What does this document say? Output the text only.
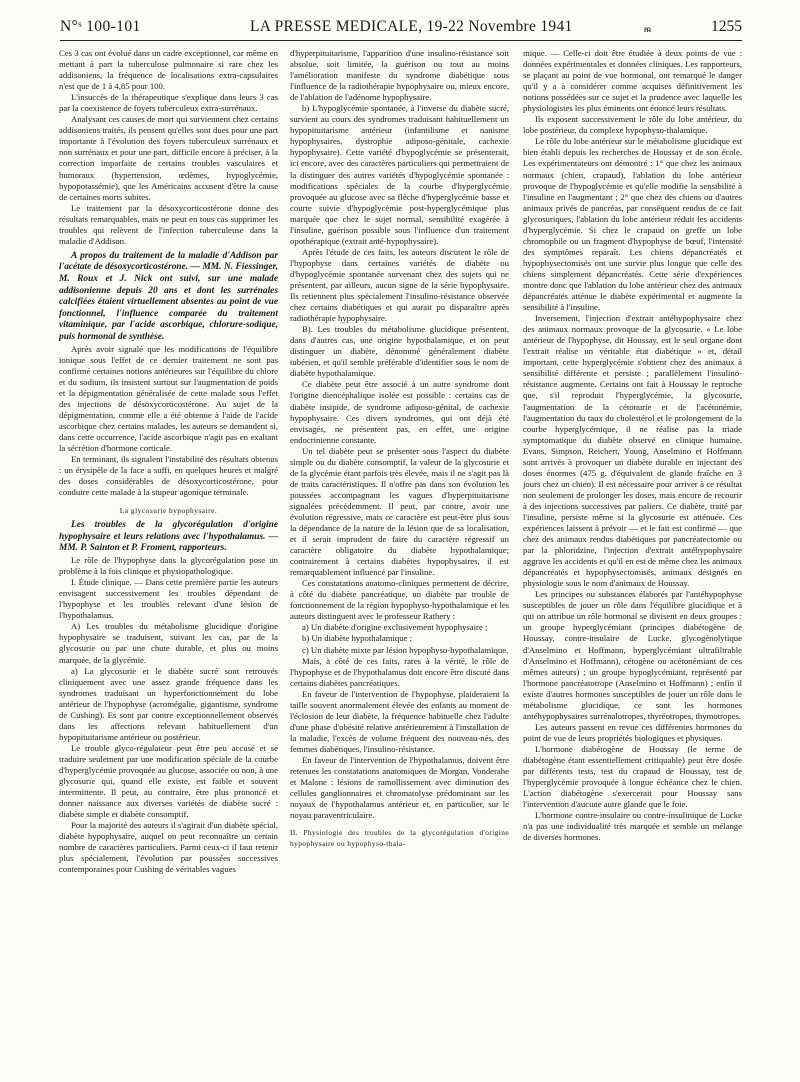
N°ˢ 100-101	LA PRESSE MEDICALE, 19-22 Novembre 1941	ᵯ	1255

Ces 3 cas ont évolué dans un cadre exceptionnel, car même en mettant à part la tuberculose pulmonaire si rare chez les addisoniens, la fréquence de localisations extra-capsulaires n'est que de 1 à 4,85 pour 100.

L'insuccès de la thérapeutique s'explique dans leurs 3 cas par la coexistence de foyers tuberculeux extra-surrénaux.

Analysant ces causes de mort qui surviennent chez certains addisoniens traités, ils pensent qu'elles sont dues pour une part importante à l'évolution des foyers tuberculeux surrénaux et non surrénaux et pour une part, difficile encore à préciser, à la correction imparfaite de certains troubles vasculaires et humoraux (hypertension, œdèmes, hypoglycémie, hypopotassémie), que les Américains accusent d'être la cause de certaines morts subites.

Le traitement par la désoxycorticostérone donne des résultats remarquables, mais ne peut en tous cas supprimer les troubles qui relèvent de l'infection tuberculeuse dans la maladie d'Addison.

A propos du traitement de la maladie d'Addison par l'acétate de désoxycorticostérone. — MM. N. Fiessinger, M. Roux et J. Nick ont suivi, sur une malade addisonienne depuis 20 ans et dont les surrénales calcifiées étaient virtuellement absentes au point de vue fonctionnel, l'influence comparée du traitement vitaminique, par l'acide ascorbique, chlorure-sodique, puis hormonal de synthèse.

Après avoir signalé que les modifications de l'équilibre ionique sous l'effet de ce dernier traitement ne sont pas confirmé certaines notions antérieures sur l'équilibre du chlore et du sodium, ils insistent surtout sur l'augmentation de poids et la dépigmentation généralisée de cette malade sous l'effet des injections de désoxycorticostérone. Au sujet de la dépigmentation, comme elle a été obtenue à l'aide de l'acide ascorbique chez certains malades, les auteurs se demandent si, dans cette occurrence, l'acide ascorbique n'agit pas en exaltant la sécrétion d'hormone corticale.

En terminant, ils signalent l'instabilité des résultats obtenus : un érysipèle de la face a suffi, en quelques heures et malgré des doses considérables de désoxycorticostérone, pour conduire cette malade à la stupeur agonique terminale.

La glycosurie hypophysaire.

Les troubles de la glycorégulation d'origine hypophysaire et leurs relations avec l'hypothalamus. — MM. P. Sainton et P. Froment, rapporteurs.

Le rôle de l'hypophyse dans la glycorégulation pose un problème à la fois clinique et physiopathologique.

I. Étude clinique. — Dans cette première partie les auteurs envisagent successivement les troubles dépendant de l'hypophyse et les troubles relevant d'une lésion de l'hypothalamus.

A) Les troubles du métabolisme glucidique d'origine hypophysaire se traduisent, suivant les cas, par de la glycosurie ou par une chute durable, et plus ou moins marquée, de la glycémie.

a) La glycosurie et le diabète sucré sont retrouvés cliniquement avec une assez grande fréquence dans les syndromes traduisant un hyperfonctionnement du lobe antérieur de l'hypophyse (acromégalie, gigantisme, syndrome de Cushing). Es sont par contre exceptionnellement observés dans les affections relevant habituellement d'un hypopituitarisme antérieur ou postérieur.

Le trouble glyco-régulateur peut être peu accusé et se traduire seulement par une modification spéciale de la courbe d'hyperglycémie provoquée au glucose, associée ou non, à une glycosurie qui, quand elle existe, est faible et souvent intermittente. Il peut, au contraire, être plus prononcé et donner naissance aux diverses variétés de diabète sucré : diabète simple et diabète consomptif.

Pour la majorité des auteurs il s'agirait d'un diabète spécial, diabète hypophysaire, auquel on peut reconnaître un certain nombre de caractères particuliers. Parmi ceux-ci il faut retenir plus spécialement, l'évolution par poussées successives contemporaines pour Cushing de véritables vagues

d'hyperpituitarisme, l'apparition d'une insulino-résistance soit absolue, soit limitée, la guérison ou tout au moins l'amélioration manifeste du syndrome diabétique sous l'influence de la radiothérapie hypophysaire ou, mieux encore, de l'ablation de l'adénome hypophysaire.

b) L'hypoglycémie spontanée, à l'inverse du diabète sucré, survient au cours des syndromes traduisant habituellement un hypopituitarisme antérieur (infantilisme et nanisme hypophysaires, dystrophie adiposo-génitale, cachexie hypophysaire). Cette variété d'hypoglycémie se présenterait, ici encore, avec des caractères particuliers qui permettraient de la distinguer des autres variétés d'hypoglycémie spontanée : modifications spéciales de la courbe d'hyperglycémie provoquée au glucose avec sa flèche d'hyperglycémie basse et courte suivie d'hypoglycémie post-hyperglycémique plus marquée que chez le sujet normal, sensibilité exagérée à l'insuline, guérison possible sous l'influence d'un traitement opothérapique (extrait anté-hypophysaire).

Après l'étude de ces faits, les auteurs discutent le rôle de l'hypophyse dans certaines variétés de diabète ou d'hypoglycémie spontanée survenant chez des sujets qui ne présentent, par ailleurs, aucun signe de la série hypophysaire. Ils retiennent plus spécialement l'insulino-résistance observée chez certains diabétiques et qui aurait pu disparaître après radiothérapie hypophysaire.

B). Les troubles du métabolisme glucidique présentent, dans d'autres cas, une origine hypothalamique, et on peut distinguer un diabète, dénommé généralement diabète tubérien, et qu'il semble préférable d'identifier sous le nom de diabète hypothalamique.

Ce diabète peut être associé à un autre syndrome dont l'origine diencéphalique isolée est possible : certains cas de diabète insipide, de syndrome adiposo-génital, de cachexie hypophysaire. Ces divers syndromes, qui ont déjà été envisagés, ne présentent pas, en effet, une origine endocrinienne constante.

Un tel diabète peut se présenter sous l'aspect du diabète simple ou du diabète consomptif, la valeur de la glycosurie et de la glycémie étant parfois très élevée, mais il ne s'agit pas là de traits caractéristiques. Il n'offre pas dans son évolution les poussées accompagnant les vagues d'hyperpituitarisme signalées précédemment. Il peut, par contre, avoir une évolution régressive, mais ce caractère est peut-être plus sous la dépendance de la nature de la lésion que de sa localisation, et il serait imprudent de faire du caractère régressif un caractère obligatoire du diabète hypothalamique; contrairement à certains diabètes hypophysaires, il est remarquablement influencé par l'insuline.

Ces constatations anatomo-cliniques permettent de décrire, à côté du diabète pancréatique, un diabète par trouble de fonctionnement de la région hypophyso-hypothalamique et les auteurs distinguent avec le professeur Rathery :

a) Un diabète d'origine exclusivement hypophysaire ;

b) Un diabète hypothalamique ;

c) Un diabète mixte par lésion hypophyso-hypothalamique.

Mais, à côté de ces faits, rares à la vérité, le rôle de l'hypophyse et de l'hypothalamus doit encore être discuté dans certains diabètes pancréatiques.

En faveur de l'intervention de l'hypophyse, plaideraient la taille souvent anormalement élevée des enfants au moment de l'éclosion de leur diabète, la fréquence habituelle chez l'adulte d'une phase d'obésité relative antérieurement à l'installation de la maladie, l'excès de volume fréquent des nouveau-nés, des femmes diabétiques, l'insulino-résistance.

En faveur de l'intervention de l'hypothalamus, doivent être retenues les constatations anatomiques de Morgan, Vonderahe et Malone : lésions de ramollissement avec diminution des cellules ganglionnaires et chromatolyse prédominant sur les noyaux de l'hypothalamus antérieur et, en particulier, sur le noyau paraventriculaire.

II. Physiologie des troubles de la glycorégulation d'origine hypophysaire ou hypophyso-thala-

mique. — Celle-ci doit être étudiée à deux points de vue : données expérimentales et données cliniques. Les rapporteurs, se plaçant au point de vue hormonal, ont remarqué le danger qu'il y a à considérer comme acquises définitivement les notions possédées sur ce sujet et la prudence avec laquelle les physiologistes les plus éminents ont énoncé leurs résultats.

Ils exposent successivement le rôle du lobe antérieur, du lobe postérieur, du complexe hypophyso-thalamique.

Le rôle du lobe antérieur sur le métabolisme glucidique est bien établi depuis les recherches de Houssay et de son école. Les expérimentateurs ont démontré : 1° que chez les animaux normaux (chien, crapaud), l'ablation du lobe antérieur provoque de l'hypoglycémie et qu'elle modifie la sensibilité à l'insuline en l'augmentant ; 2° que chez des chiens ou d'autres animaux privés de pancréas, par conséquent rendus de ce fait glycosuriques, l'ablation du lobe antérieur réduit les accidents d'hyperglycémie. Si chez le crapaud on greffe un lobe chromophile ou un fragment d'hypophyse de bœuf, l'intensité des symptômes reparaît. Les chiens dépancréatés et hypophysectomisés ont une survie plus longue que celle des chiens simplement dépancréatés. Cette série d'expériences montre donc que l'ablation du lobe antérieur chez des animaux dépancréatés atténue le diabète expérimental et augmente la sensibilité à l'insuline.

Inversement, l'injection d'extrait antéhypophysaire chez des animaux normaux provoque de la glycosurie. « Le lobe antérieur de l'hypophyse, dit Houssay, est le seul organe dont l'extrait réalise un véritable état diabétique » et, détail important, cette hyperglycémie s'obtient chez des animaux à sensibilité différente et persiste ; parallèlement l'insulino-résistance augmente. Certains ont fait à Houssay le reproche que, s'il reproduit l'hyperglycémie, la glycosurie, l'augmentation de la cétonurie et de l'acétonémie, l'augmentation du taux du cholestérol et le prolongement de la courbe hyperglycémique, il ne réalise pas la triade symptomatique du diabète observé en clinique humaine. Evans, Simpson, Reichert, Young, Anselmino et Hoffmann sont arrivés à provoquer un diabète durable en injectant des doses énormes (475 g. d'équivalent de glande fraîche en 3 jours chez un chien). Il est nécessaire pour arriver à ce résultat non seulement de prolonger les doses, mais encore de recourir à des injections successives par paliers. Ce diabète, traité par l'insuline, persiste même si la glycosurie est atténuée. Ces expériences laissent à prévoir — et le fait est confirmé — que chez des animaux rendus diabétiques par pancréatectomie ou par la phloridzine, l'injection d'extrait antéhypophysaire aggrave les accidents et qu'il en est de même chez les animaux dépancréatés et hypophysectomisés, animaux désignés en physiologie sous le nom d'animaux de Houssay.

Les principes ou substances élaborés par l'antéhypophyse susceptibles de jouer un rôle dans l'équilibre glucidique et à qui on attribue un rôle hormonal se divisent en deux groupes : un groupe hyperglycémiant (principes diabétogène de Houssay, contre-insulaire de Lucke, glycogénolytique d'Anselmino et Hoffmann, hyperglycémiant ultrafiltrable d'Anselmino et Hoffmann), cétogène ou acétonémiant de ces mêmes auteurs) ; un groupe hypoglycémiant, représenté par l'hormone pancréatotrope (Anselmino et Hoffmann) ; enfin il existe d'autres hormones susceptibles de jouer un rôle dans le métabolisme glucidique, ce sont les hormones antéhypophysaires surrénalotropes, thyréotropes, thymotropes.

Les auteurs passent en revue ces différentes hormones du point de vue de leurs propriétés biologiques et physiques.

L'hormone diabétogène de Houssay (le terme de diabétogène étant essentiellement critiquable) peut être dosée par différents tests, test du crapaud de Houssay, test de l'hyperglycémie provoquée à longue échéance chez le chien. L'action diabétogène s'exercerait pour Houssay sans l'intervention d'aucune autre glande que le foie.

L'hormone contre-insulaire ou contre-insulinique de Lucke n'a pas une individualité très marquée et semble un mélange de diverses hormones.
